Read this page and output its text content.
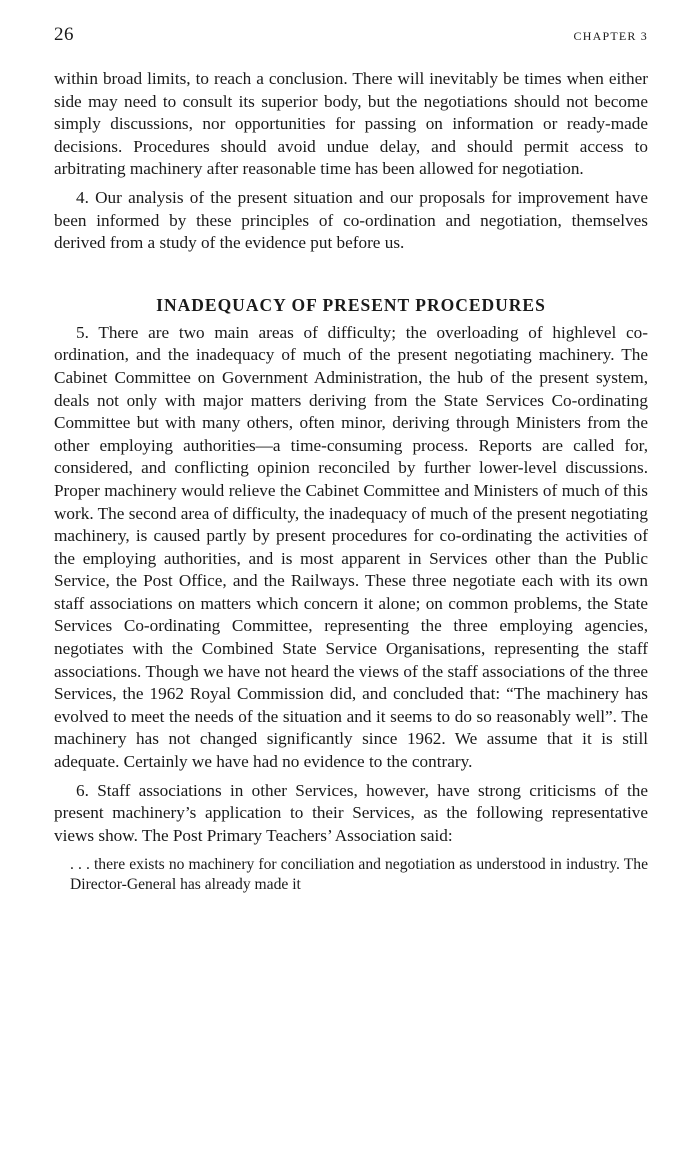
26	CHAPTER 3

within broad limits, to reach a conclusion. There will inevitably be times when either side may need to consult its superior body, but the negotiations should not become simply discussions, nor opportunities for passing on information or ready-made decisions. Procedures should avoid undue delay, and should permit access to arbitrating machinery after reasonable time has been allowed for negotiation.

4. Our analysis of the present situation and our proposals for improvement have been informed by these principles of co-ordination and negotiation, themselves derived from a study of the evidence put before us.

INADEQUACY OF PRESENT PROCEDURES

5. There are two main areas of difficulty; the overloading of highlevel co-ordination, and the inadequacy of much of the present negotiating machinery. The Cabinet Committee on Government Administration, the hub of the present system, deals not only with major matters deriving from the State Services Co-ordinating Committee but with many others, often minor, deriving through Ministers from the other employing authorities—a time-consuming process. Reports are called for, considered, and conflicting opinion reconciled by further lower-level discussions. Proper machinery would relieve the Cabinet Committee and Ministers of much of this work. The second area of difficulty, the inadequacy of much of the present negotiating machinery, is caused partly by present procedures for co-ordinating the activities of the employing authorities, and is most apparent in Services other than the Public Service, the Post Office, and the Railways. These three negotiate each with its own staff associations on matters which concern it alone; on common problems, the State Services Co-ordinating Committee, representing the three employing agencies, negotiates with the Combined State Service Organisations, representing the staff associations. Though we have not heard the views of the staff associations of the three Services, the 1962 Royal Commission did, and concluded that: “The machinery has evolved to meet the needs of the situation and it seems to do so reasonably well”. The machinery has not changed significantly since 1962. We assume that it is still adequate. Certainly we have had no evidence to the contrary.

6. Staff associations in other Services, however, have strong criticisms of the present machinery’s application to their Services, as the following representative views show. The Post Primary Teachers’ Association said:

. . . there exists no machinery for conciliation and negotiation as understood in industry. The Director-General has already made it
